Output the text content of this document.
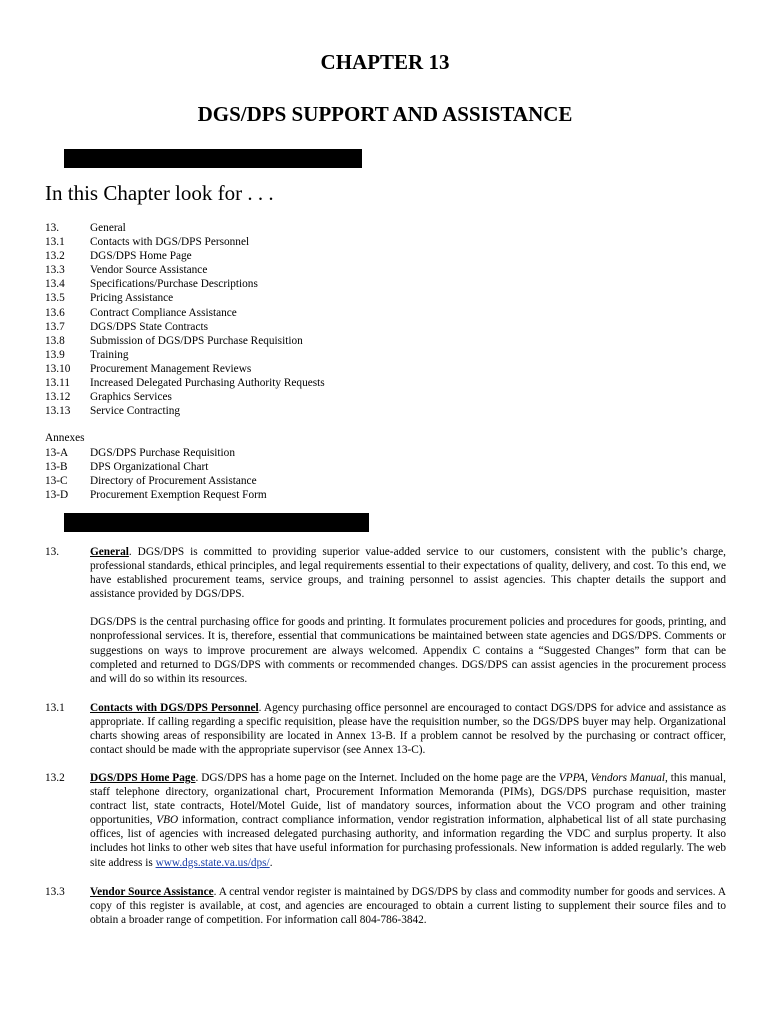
CHAPTER 13
DGS/DPS SUPPORT AND ASSISTANCE
In this Chapter look for . . .
13.	General
13.1	Contacts with DGS/DPS Personnel
13.2	DGS/DPS Home Page
13.3	Vendor Source Assistance
13.4	Specifications/Purchase Descriptions
13.5	Pricing Assistance
13.6	Contract Compliance Assistance
13.7	DGS/DPS State Contracts
13.8	Submission of DGS/DPS Purchase Requisition
13.9	Training
13.10	Procurement Management Reviews
13.11	Increased Delegated Purchasing Authority Requests
13.12	Graphics Services
13.13	Service Contracting
Annexes
13-A	DGS/DPS Purchase Requisition
13-B	DPS Organizational Chart
13-C	Directory of Procurement Assistance
13-D	Procurement Exemption Request Form
13.	General. DGS/DPS is committed to providing superior value-added service to our customers, consistent with the public’s charge, professional standards, ethical principles, and legal requirements essential to their expectations of quality, delivery, and cost. To this end, we have established procurement teams, service groups, and training personnel to assist agencies. This chapter details the support and assistance provided by DGS/DPS.

DGS/DPS is the central purchasing office for goods and printing. It formulates procurement policies and procedures for goods, printing, and nonprofessional services. It is, therefore, essential that communications be maintained between state agencies and DGS/DPS. Comments or suggestions on ways to improve procurement are always welcomed. Appendix C contains a “Suggested Changes” form that can be completed and returned to DGS/DPS with comments or recommended changes. DGS/DPS can assist agencies in the procurement process and will do so within its resources.

13.1	Contacts with DGS/DPS Personnel. Agency purchasing office personnel are encouraged to contact DGS/DPS for advice and assistance as appropriate. If calling regarding a specific requisition, please have the requisition number, so the DGS/DPS buyer may help. Organizational charts showing areas of responsibility are located in Annex 13-B. If a problem cannot be resolved by the purchasing or contract officer, contact should be made with the appropriate supervisor (see Annex 13-C).

13.2	DGS/DPS Home Page. DGS/DPS has a home page on the Internet. Included on the home page are the VPPA, Vendors Manual, this manual, staff telephone directory, organizational chart, Procurement Information Memoranda (PIMs), DGS/DPS purchase requisition, master contract list, state contracts, Hotel/Motel Guide, list of mandatory sources, information about the VCO program and other training opportunities, VBO information, contract compliance information, vendor registration information, alphabetical list of all state purchasing offices, list of agencies with increased delegated purchasing authority, and information regarding the VDC and surplus property. It also includes hot links to other web sites that have useful information for purchasing professionals. New information is added regularly. The web site address is www.dgs.state.va.us/dps/.

13.3	Vendor Source Assistance. A central vendor register is maintained by DGS/DPS by class and commodity number for goods and services. A copy of this register is available, at cost, and agencies are encouraged to obtain a current listing to supplement their source files and to obtain a broader range of competition. For information call 804-786-3842.
